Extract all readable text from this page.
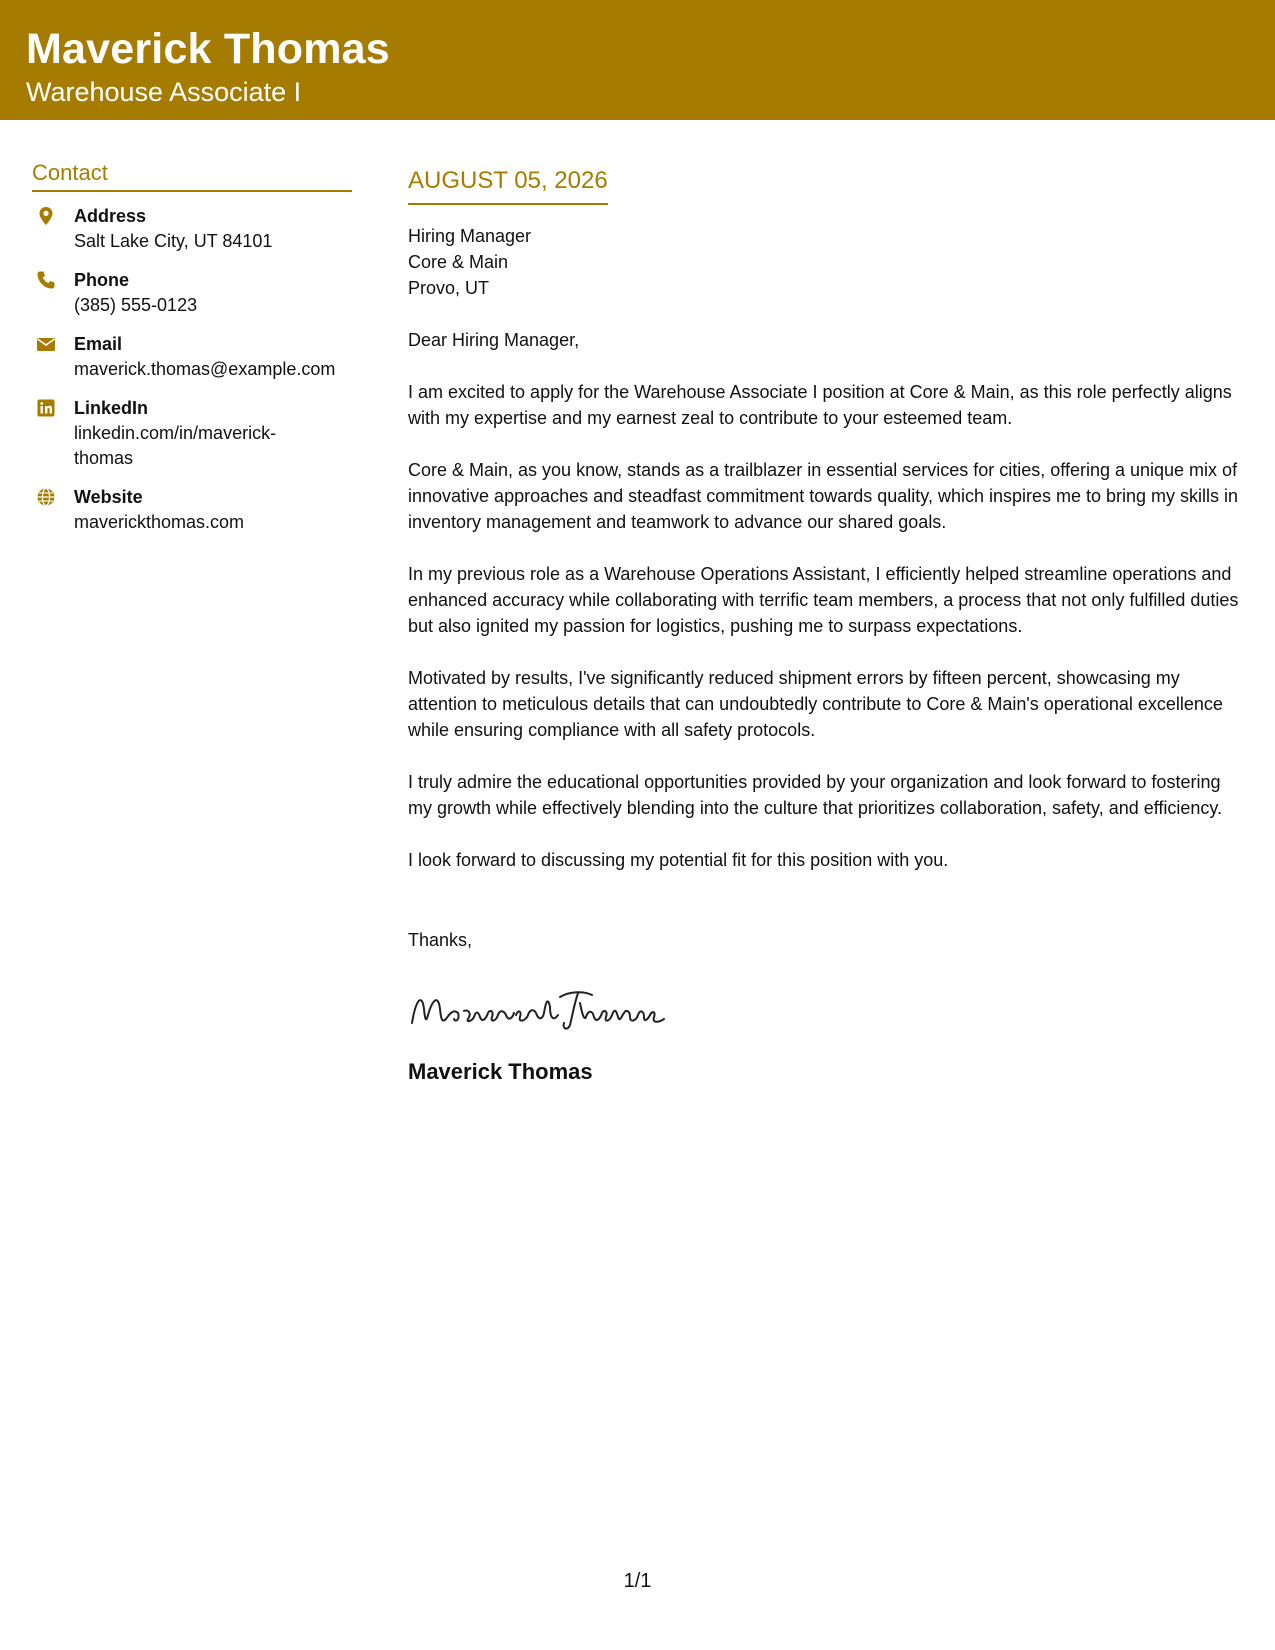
Maverick Thomas
Warehouse Associate I
Contact
Address
Salt Lake City, UT 84101
Phone
(385) 555-0123
Email
maverick.thomas@example.com
LinkedIn
linkedin.com/in/maverick-thomas
Website
maverickthomas.com
AUGUST 05, 2026
Hiring Manager
Core & Main
Provo, UT
Dear Hiring Manager,
I am excited to apply for the Warehouse Associate I position at Core & Main, as this role perfectly aligns with my expertise and my earnest zeal to contribute to your esteemed team.
Core & Main, as you know, stands as a trailblazer in essential services for cities, offering a unique mix of innovative approaches and steadfast commitment towards quality, which inspires me to bring my skills in inventory management and teamwork to advance our shared goals.
In my previous role as a Warehouse Operations Assistant, I efficiently helped streamline operations and enhanced accuracy while collaborating with terrific team members, a process that not only fulfilled duties but also ignited my passion for logistics, pushing me to surpass expectations.
Motivated by results, I've significantly reduced shipment errors by fifteen percent, showcasing my attention to meticulous details that can undoubtedly contribute to Core & Main's operational excellence while ensuring compliance with all safety protocols.
I truly admire the educational opportunities provided by your organization and look forward to fostering my growth while effectively blending into the culture that prioritizes collaboration, safety, and efficiency.
I look forward to discussing my potential fit for this position with you.
Thanks,
Maverick Thomas
1/1
